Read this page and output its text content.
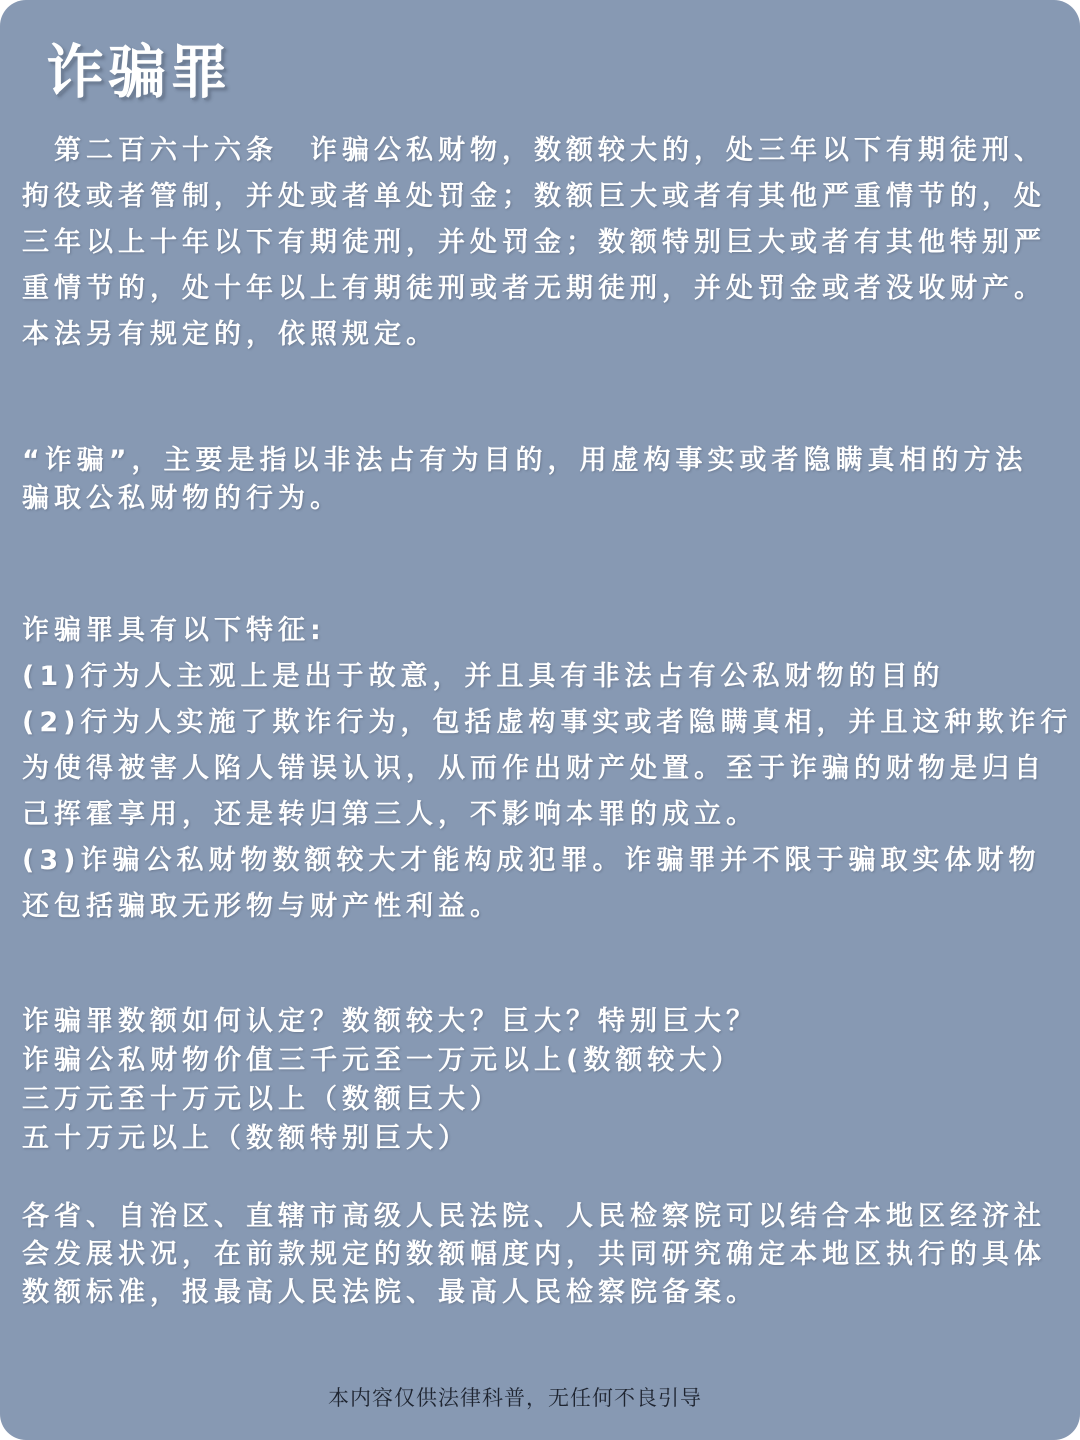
诈骗罪
　第二百六十六条　诈骗公私财物，数额较大的，处三年以下有期徒刑、
拘役或者管制，并处或者单处罚金；数额巨大或者有其他严重情节的，处
三年以上十年以下有期徒刑，并处罚金；数额特别巨大或者有其他特别严
重情节的，处十年以上有期徒刑或者无期徒刑，并处罚金或者没收财产。
本法另有规定的，依照规定。
“诈骗”，主要是指以非法占有为目的，用虚构事实或者隐瞒真相的方法
骗取公私财物的行为。
诈骗罪具有以下特征:
(1)行为人主观上是出于故意，并且具有非法占有公私财物的目的
(2)行为人实施了欺诈行为，包括虚构事实或者隐瞒真相，并且这种欺诈行
为使得被害人陷人错误认识，从而作出财产处置。至于诈骗的财物是归自
己挥霍享用，还是转归第三人，不影响本罪的成立。
(3)诈骗公私财物数额较大才能构成犯罪。诈骗罪并不限于骗取实体财物
还包括骗取无形物与财产性利益。
诈骗罪数额如何认定？数额较大？巨大？特别巨大？
诈骗公私财物价值三千元至一万元以上(数额较大）
三万元至十万元以上（数额巨大）
五十万元以上（数额特别巨大）
各省、自治区、直辖市高级人民法院、人民检察院可以结合本地区经济社
会发展状况，在前款规定的数额幅度内，共同研究确定本地区执行的具体
数额标准，报最高人民法院、最高人民检察院备案。
本内容仅供法律科普，无任何不良引导
